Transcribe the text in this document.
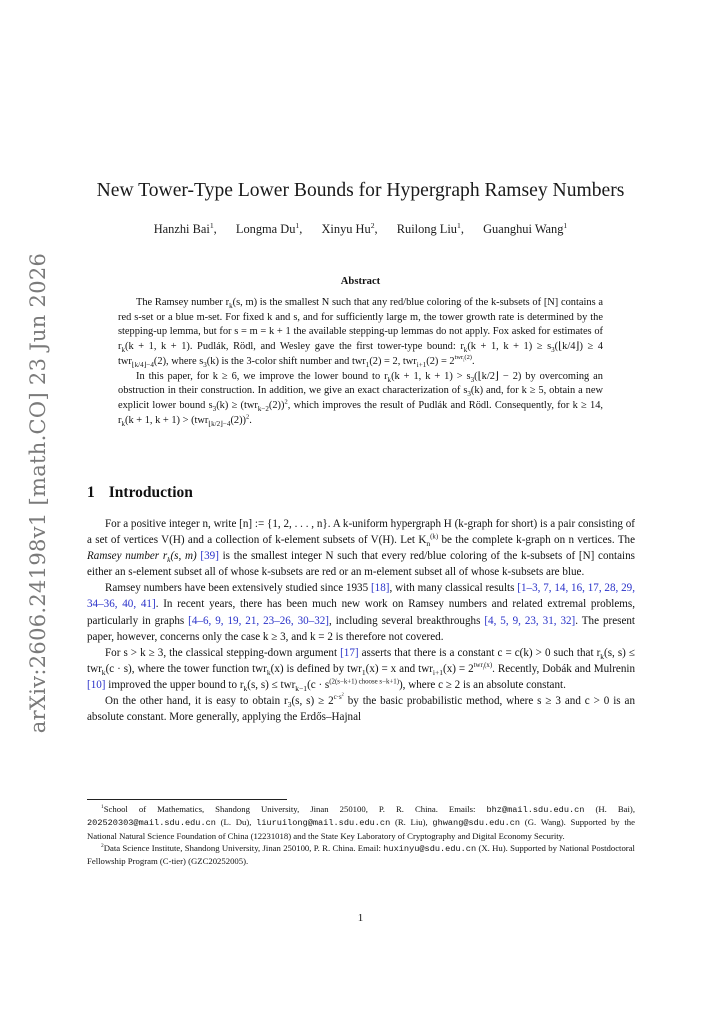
arXiv:2606.24198v1 [math.CO] 23 Jun 2026
New Tower-Type Lower Bounds for Hypergraph Ramsey Numbers
Hanzhi Bai$^1$, Longma Du$^1$, Xinyu Hu$^2$, Ruilong Liu$^1$, Guanghui Wang$^1$
Abstract

The Ramsey number $r_k(s$, m) is the smallest N such that any red/blue coloring of the k-subsets of [N] contains a red s-set or a blue m-set. For fixed k and s, and for sufficiently large m, the tower growth rate is determined by the stepping-up lemma, but for s = m = k + 1 the available stepping-up lemmas do not apply. Fox asked for estimates of $r_k(k + 1$, k + 1). Pudlák, Rödl, and Wesley gave the first tower-type bound: $r_k(k + 1$, $k + 1) \ge s_3(⌊k/4⌋) \ge 4$ twr$_{⌊k/4⌋-4}$(2), where $s_3(k)$ is the 3-color shift number and twr$_1$(2) = 2, $twr_{i+1}(2) = 2^{twr_i(2)}$.

In this paper, for k ≥ 6, we improve the lower bound to $r_k(k + 1$, $k + 1) > s_3(⌊k/2⌋ - 2)$ by overcoming an obstruction in their construction. In addition, we give an exact characterization of $s_3(k)$ and, for k ≥ 5, obtain a new explicit lower bound $s_3(k) \ge (twr_{k-2}(2))^2$, which improves the result of Pudlák and Rödl. Consequently, for k ≥ 14, $r_k(k + 1$, $k + 1) > (twr_{⌊k/2⌋-4}(2))^2$.

1 Introduction

For a positive integer n, write [n] := {1, 2, . . . , n}. A k-uniform hypergraph H (k-graph for short) is a pair consisting of a set of vertices V(H) and a collection of k-element subsets of V(H). Let $K_n^{(k)}$ be the complete k-graph on n vertices. The Ramsey number $r_k(s$, m) [39] is the smallest integer N such that every red/blue coloring of the k-subsets of [N] contains either an s-element subset all of whose k-subsets are red or an m-element subset all of whose k-subsets are blue.

Ramsey numbers have been extensively studied since 1935 [18], with many classical results [1–3, 7, 14, 16, 17, 28, 29, 34–36, 40, 41]. In recent years, there has been much new work on Ramsey numbers and related extremal problems, particularly in graphs [4–6, 9, 19, 21, 23–26, 30–32], including several breakthroughs [4, 5, 9, 23, 31, 32]. The present paper, however, concerns only the case k ≥ 3, and k = 2 is therefore not covered.

For s > k ≥ 3, the classical stepping-down argument [17] asserts that there is a constant c = c(k) > 0 such that $r_k(s$, s) ≤ twr$_k$(c · s), where the tower function twr$_k$(x) is defined by twr$_1$(x) = x and $twr_{i+1}(x) = 2^{twr_i(x)}$. Recently, Dobák and Mulrenin [10] improved the upper bound to $r_k(s$, $s) \le twr_{k-1}(c \cdot s^{(2(s-k+1) choose s-k+1)})$, where c ≥ 2 is an absolute constant.

On the other hand, it is easy to obtain $r_3(s$, $s) \ge 2^{c\cdot s^2}$ by the basic probabilistic method, where s ≥ 3 and c > 0 is an absolute constant. More generally, applying the Erdős–Hajnal

$^1$School of Mathematics, Shandong University, Jinan 250100, P. R. China. Emails: bhz@mail.sdu.edu.cn (H. Bai), 202520303@mail.sdu.edu.cn (L. Du), liuruilong@mail.sdu.edu.cn (R. Liu), ghwang@sdu.edu.cn (G. Wang). Supported by the National Natural Science Foundation of China (12231018) and the State Key Laboratory of Cryptography and Digital Economy Security.

$^2$Data Science Institute, Shandong University, Jinan 250100, P. R. China. Email: huxinyu@sdu.edu.cn (X. Hu). Supported by National Postdoctoral Fellowship Program (C-tier) (GZC20252005).

1
